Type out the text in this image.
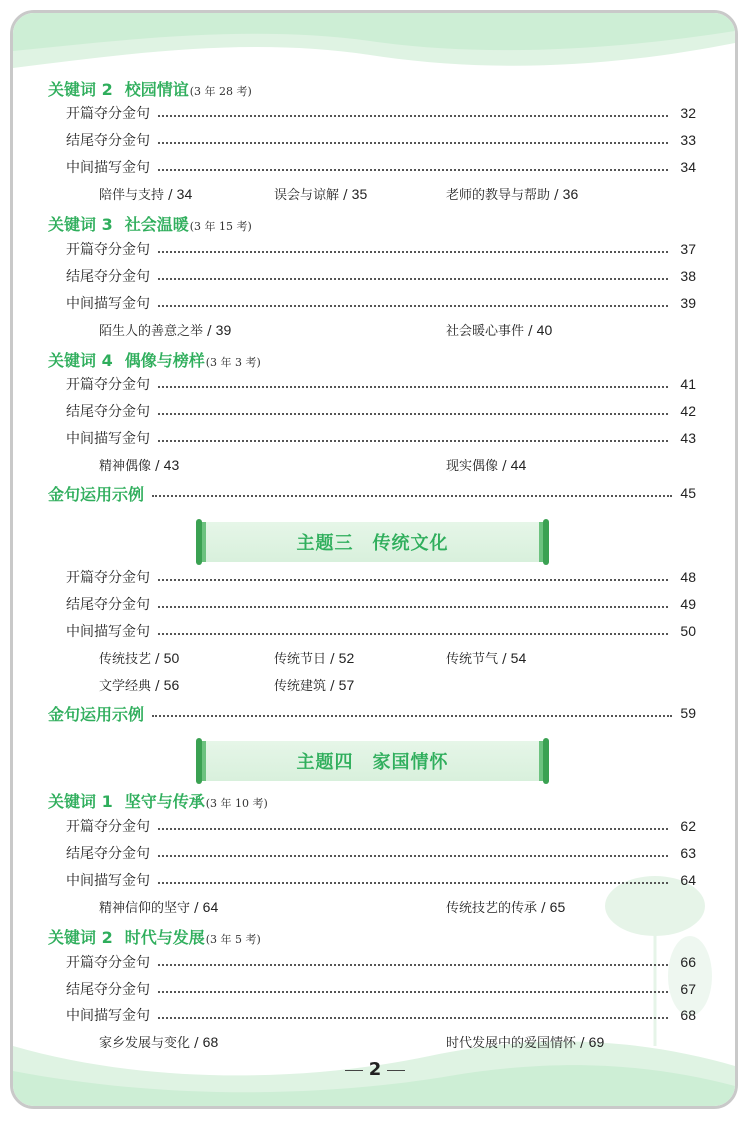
关键词 2 校园情谊(3 年 28 考)
开篇夺分金句	32
结尾夺分金句	33
中间描写金句	34
陪伴与支持 / 34	误会与谅解 / 35	老师的教导与帮助 / 36
关键词 3 社会温暖(3 年 15 考)
开篇夺分金句	37
结尾夺分金句	38
中间描写金句	39
陌生人的善意之举 / 39	社会暖心事件 / 40
关键词 4 偶像与榜样(3 年 3 考)
开篇夺分金句	41
结尾夺分金句	42
中间描写金句	43
精神偶像 / 43	现实偶像 / 44
金句运用示例	45
主题三　传统文化
开篇夺分金句	48
结尾夺分金句	49
中间描写金句	50
传统技艺 / 50	传统节日 / 52	传统节气 / 54
文学经典 / 56	传统建筑 / 57
金句运用示例	59
主题四　家国情怀
关键词 1 坚守与传承(3 年 10 考)
开篇夺分金句	62
结尾夺分金句	63
中间描写金句	64
精神信仰的坚守 / 64	传统技艺的传承 / 65
关键词 2 时代与发展(3 年 5 考)
开篇夺分金句	66
结尾夺分金句	67
中间描写金句	68
家乡发展与变化 / 68	时代发展中的爱国情怀 / 69
2
